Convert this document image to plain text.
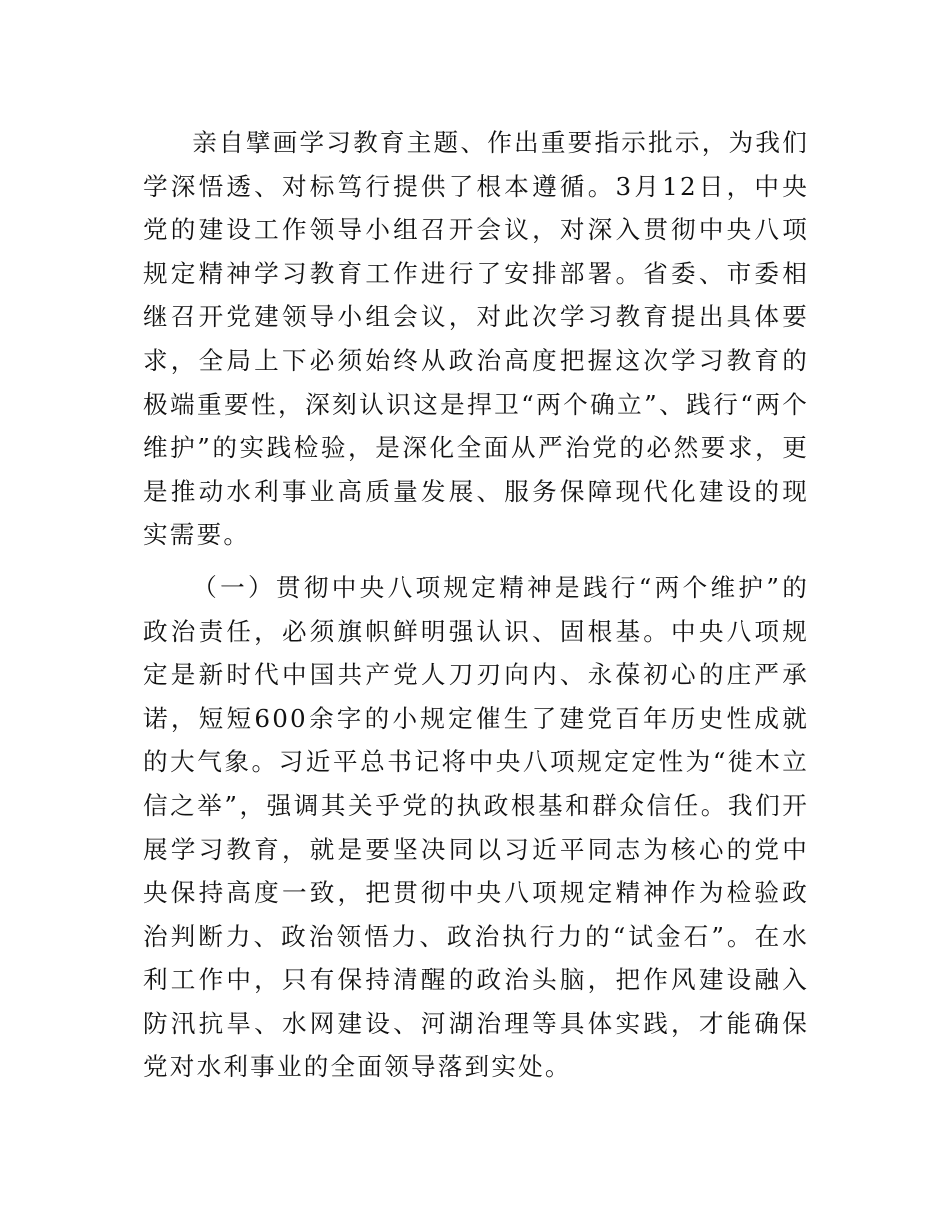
亲自擘画学习教育主题、作出重要指示批示，为我们学深悟透、对标笃行提供了根本遵循。3月12日，中央党的建设工作领导小组召开会议，对深入贯彻中央八项规定精神学习教育工作进行了安排部署。省委、市委相继召开党建领导小组会议，对此次学习教育提出具体要求，全局上下必须始终从政治高度把握这次学习教育的极端重要性，深刻认识这是捍卫“两个确立”、践行“两个维护”的实践检验，是深化全面从严治党的必然要求，更是推动水利事业高质量发展、服务保障现代化建设的现实需要。

（一）贯彻中央八项规定精神是践行“两个维护”的政治责任，必须旗帜鲜明强认识、固根基。中央八项规定是新时代中国共产党人刀刃向内、永葆初心的庄严承诺，短短600余字的小规定催生了建党百年历史性成就的大气象。习近平总书记将中央八项规定定性为“徙木立信之举”，强调其关乎党的执政根基和群众信任。我们开展学习教育，就是要坚决同以习近平同志为核心的党中央保持高度一致，把贯彻中央八项规定精神作为检验政治判断力、政治领悟力、政治执行力的“试金石”。在水利工作中，只有保持清醒的政治头脑，把作风建设融入防汛抗旱、水网建设、河湖治理等具体实践，才能确保党对水利事业的全面领导落到实处。
